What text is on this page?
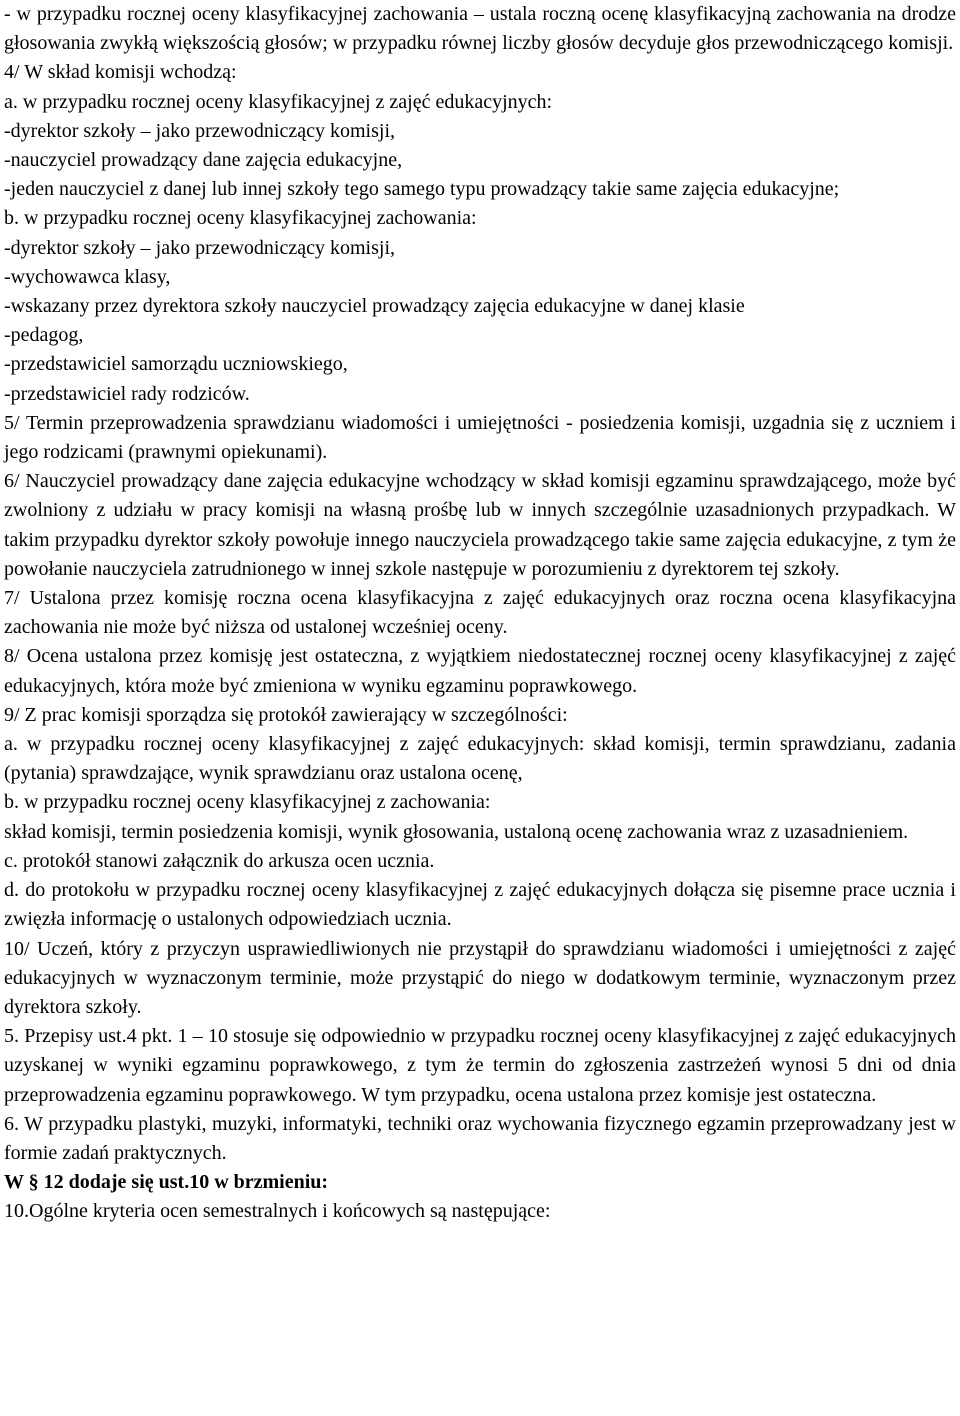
- w przypadku rocznej oceny klasyfikacyjnej zachowania – ustala roczną ocenę klasyfikacyjną zachowania na drodze głosowania zwykłą większością głosów; w przypadku równej liczby głosów decyduje głos przewodniczącego komisji.
4/ W skład komisji wchodzą:
a. w przypadku rocznej oceny klasyfikacyjnej z zajęć edukacyjnych:
-dyrektor szkoły – jako przewodniczący komisji,
-nauczyciel prowadzący dane zajęcia edukacyjne,
-jeden nauczyciel z danej lub innej szkoły tego samego typu prowadzący takie same zajęcia edukacyjne;
b. w przypadku rocznej oceny klasyfikacyjnej zachowania:
-dyrektor szkoły – jako przewodniczący komisji,
-wychowawca klasy,
-wskazany przez dyrektora szkoły nauczyciel prowadzący zajęcia edukacyjne w danej klasie
-pedagog,
-przedstawiciel samorządu uczniowskiego,
-przedstawiciel rady rodziców.
5/ Termin przeprowadzenia sprawdzianu wiadomości i umiejętności - posiedzenia komisji, uzgadnia się z uczniem i jego rodzicami (prawnymi opiekunami).
6/ Nauczyciel prowadzący dane zajęcia edukacyjne wchodzący w skład komisji egzaminu sprawdzającego, może być zwolniony z udziału w pracy komisji na własną prośbę lub w innych szczególnie uzasadnionych przypadkach. W takim przypadku dyrektor szkoły powołuje innego nauczyciela prowadzącego takie same zajęcia edukacyjne, z tym że powołanie nauczyciela zatrudnionego w innej szkole następuje w porozumieniu z dyrektorem tej szkoły.
7/ Ustalona przez komisję roczna ocena klasyfikacyjna z zajęć edukacyjnych oraz roczna ocena klasyfikacyjna zachowania nie może być niższa od ustalonej wcześniej oceny.
8/ Ocena ustalona przez komisję jest ostateczna, z wyjątkiem niedostatecznej rocznej oceny klasyfikacyjnej z zajęć edukacyjnych, która może być zmieniona w wyniku egzaminu poprawkowego.
9/ Z prac komisji sporządza się protokół zawierający w szczególności:
a. w przypadku rocznej oceny klasyfikacyjnej z zajęć edukacyjnych: skład komisji, termin sprawdzianu, zadania (pytania) sprawdzające, wynik sprawdzianu oraz ustalona ocenę,
b. w przypadku rocznej oceny klasyfikacyjnej z zachowania:
skład komisji, termin posiedzenia komisji, wynik głosowania, ustaloną ocenę zachowania wraz z uzasadnieniem.
c. protokół stanowi załącznik do arkusza ocen ucznia.
d. do protokołu w przypadku rocznej oceny klasyfikacyjnej z zajęć edukacyjnych dołącza się pisemne prace ucznia i zwięzła informację o ustalonych odpowiedziach ucznia.
10/ Uczeń, który z przyczyn usprawiedliwionych nie przystąpił do sprawdzianu wiadomości i umiejętności z zajęć edukacyjnych w wyznaczonym terminie, może przystąpić do niego w dodatkowym terminie, wyznaczonym przez dyrektora szkoły.
5. Przepisy ust.4 pkt. 1 – 10 stosuje się odpowiednio w przypadku rocznej oceny klasyfikacyjnej z zajęć edukacyjnych uzyskanej w wyniki egzaminu poprawkowego, z tym że termin do zgłoszenia zastrzeżeń wynosi 5 dni od dnia przeprowadzenia egzaminu poprawkowego. W tym przypadku, ocena ustalona przez komisje jest ostateczna.
6. W przypadku plastyki, muzyki, informatyki, techniki oraz wychowania fizycznego egzamin przeprowadzany jest w formie zadań praktycznych.
W § 12 dodaje się ust.10 w brzmieniu:
10.Ogólne kryteria ocen semestralnych i końcowych są następujące:
